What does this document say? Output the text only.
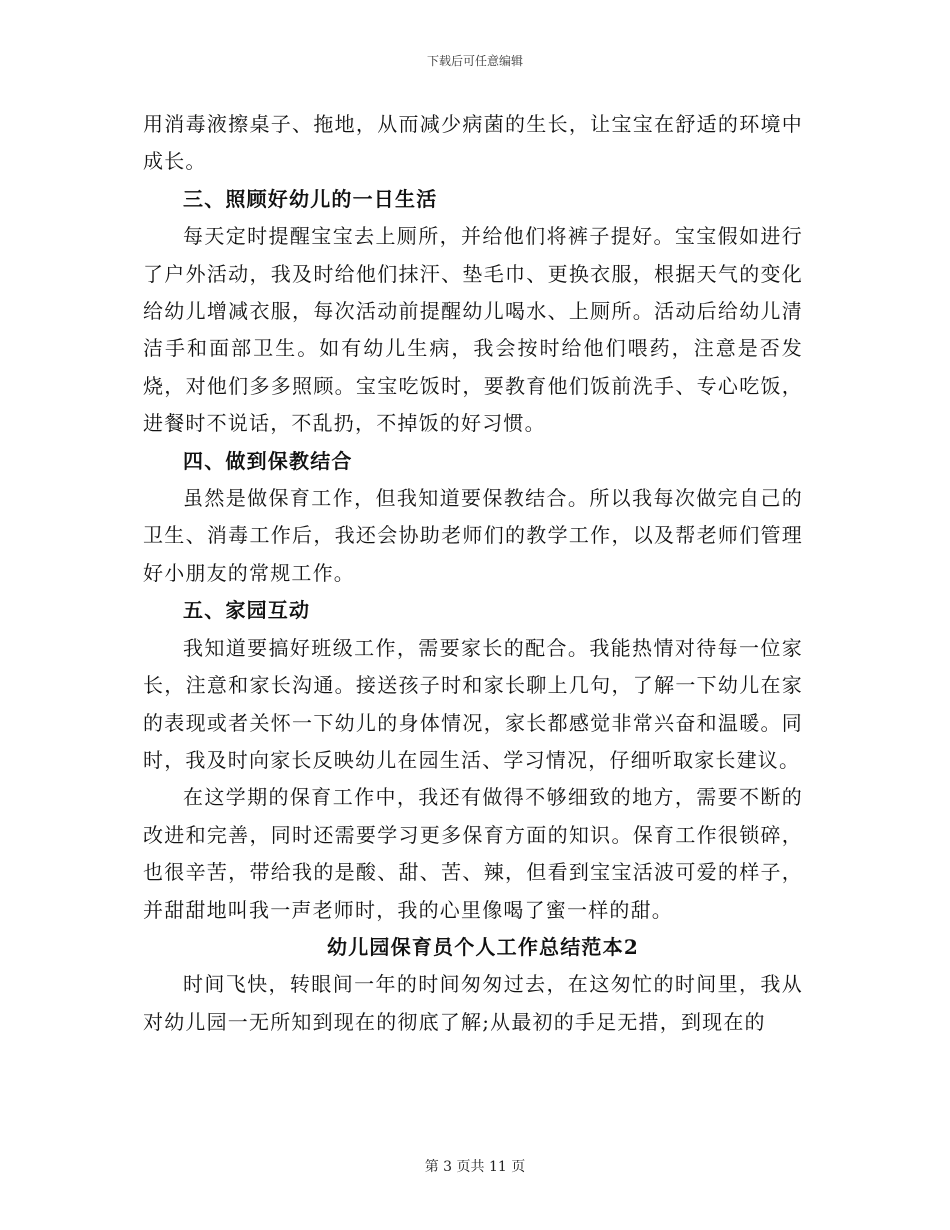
下载后可任意编辑

用消毒液擦桌子、拖地，从而减少病菌的生长，让宝宝在舒适的环境中成长。

三、照顾好幼儿的一日生活

每天定时提醒宝宝去上厕所，并给他们将裤子提好。宝宝假如进行了户外活动，我及时给他们抹汗、垫毛巾、更换衣服，根据天气的变化给幼儿增减衣服，每次活动前提醒幼儿喝水、上厕所。活动后给幼儿清洁手和面部卫生。如有幼儿生病，我会按时给他们喂药，注意是否发烧，对他们多多照顾。宝宝吃饭时，要教育他们饭前洗手、专心吃饭，进餐时不说话，不乱扔，不掉饭的好习惯。

四、做到保教结合

虽然是做保育工作，但我知道要保教结合。所以我每次做完自己的卫生、消毒工作后，我还会协助老师们的教学工作，以及帮老师们管理好小朋友的常规工作。

五、家园互动

我知道要搞好班级工作，需要家长的配合。我能热情对待每一位家长，注意和家长沟通。接送孩子时和家长聊上几句，了解一下幼儿在家的表现或者关怀一下幼儿的身体情况，家长都感觉非常兴奋和温暖。同时，我及时向家长反映幼儿在园生活、学习情况，仔细听取家长建议。

在这学期的保育工作中，我还有做得不够细致的地方，需要不断的改进和完善，同时还需要学习更多保育方面的知识。保育工作很锁碎，也很辛苦，带给我的是酸、甜、苦、辣，但看到宝宝活波可爱的样子，并甜甜地叫我一声老师时，我的心里像喝了蜜一样的甜。

幼儿园保育员个人工作总结范本2

时间飞快，转眼间一年的时间匆匆过去，在这匆忙的时间里，我从对幼儿园一无所知到现在的彻底了解;从最初的手足无措，到现在的

第 3 页共 11 页
